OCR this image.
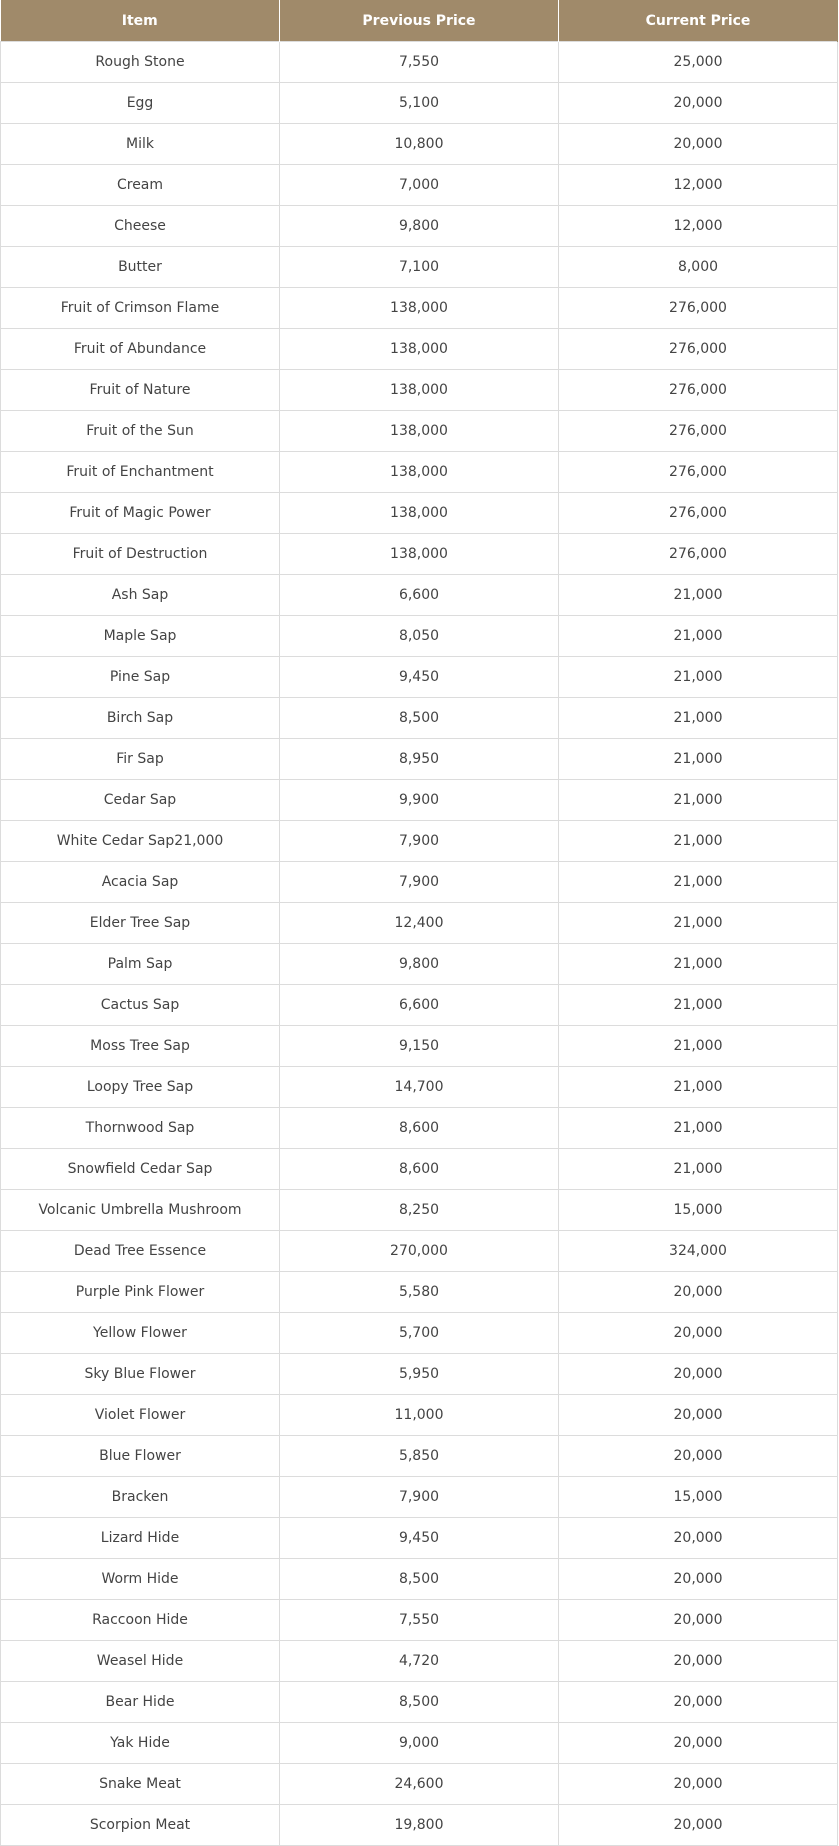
Item	Previous Price	Current Price
Rough Stone	7,550	25,000
Egg	5,100	20,000
Milk	10,800	20,000
Cream	7,000	12,000
Cheese	9,800	12,000
Butter	7,100	8,000
Fruit of Crimson Flame	138,000	276,000
Fruit of Abundance	138,000	276,000
Fruit of Nature	138,000	276,000
Fruit of the Sun	138,000	276,000
Fruit of Enchantment	138,000	276,000
Fruit of Magic Power	138,000	276,000
Fruit of Destruction	138,000	276,000
Ash Sap	6,600	21,000
Maple Sap	8,050	21,000
Pine Sap	9,450	21,000
Birch Sap	8,500	21,000
Fir Sap	8,950	21,000
Cedar Sap	9,900	21,000
White Cedar Sap21,000	7,900	21,000
Acacia Sap	7,900	21,000
Elder Tree Sap	12,400	21,000
Palm Sap	9,800	21,000
Cactus Sap	6,600	21,000
Moss Tree Sap	9,150	21,000
Loopy Tree Sap	14,700	21,000
Thornwood Sap	8,600	21,000
Snowfield Cedar Sap	8,600	21,000
Volcanic Umbrella Mushroom	8,250	15,000
Dead Tree Essence	270,000	324,000
Purple Pink Flower	5,580	20,000
Yellow Flower	5,700	20,000
Sky Blue Flower	5,950	20,000
Violet Flower	11,000	20,000
Blue Flower	5,850	20,000
Bracken	7,900	15,000
Lizard Hide	9,450	20,000
Worm Hide	8,500	20,000
Raccoon Hide	7,550	20,000
Weasel Hide	4,720	20,000
Bear Hide	8,500	20,000
Yak Hide	9,000	20,000
Snake Meat	24,600	20,000
Scorpion Meat	19,800	20,000
